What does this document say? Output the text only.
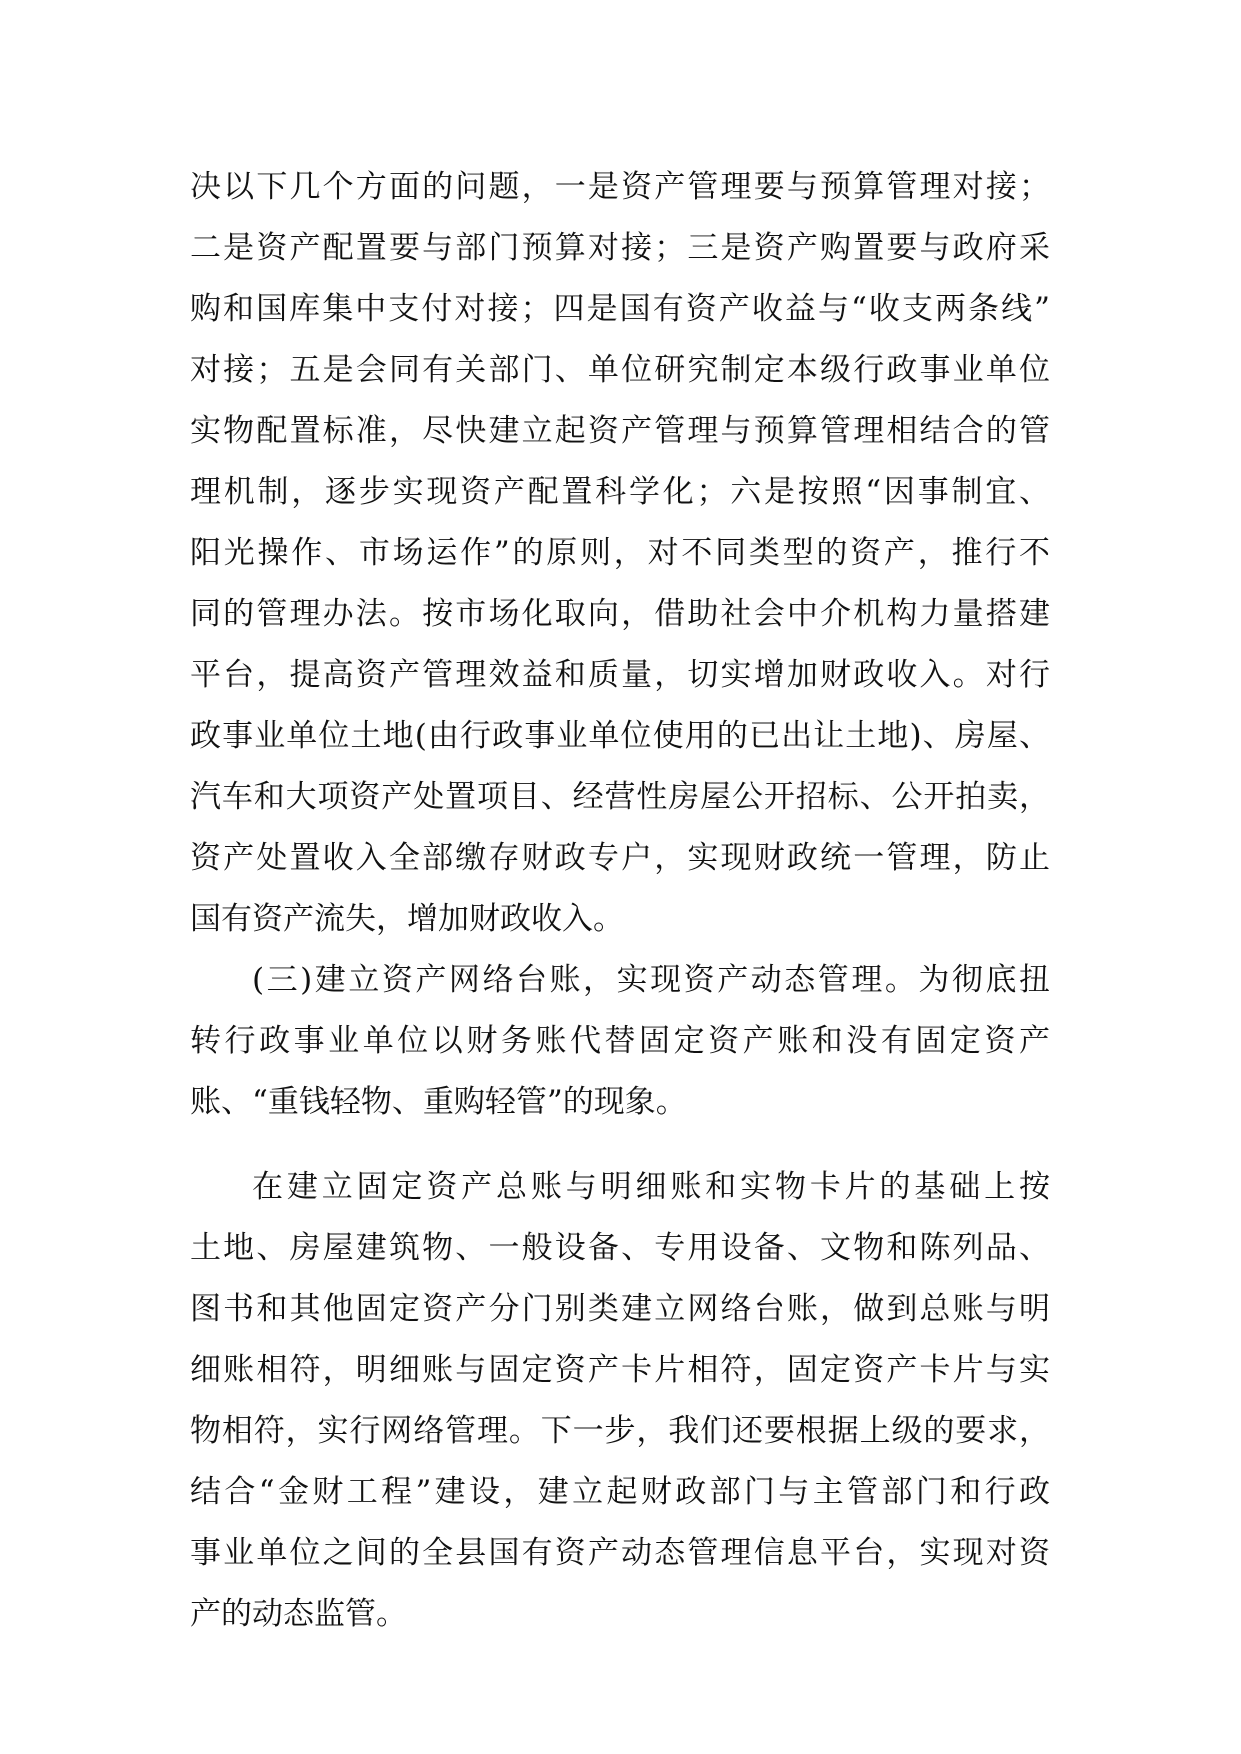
决以下几个方面的问题，一是资产管理要与预算管理对接；
二是资产配置要与部门预算对接；三是资产购置要与政府采
购和国库集中支付对接；四是国有资产收益与“收支两条线”
对接；五是会同有关部门、单位研究制定本级行政事业单位
实物配置标准，尽快建立起资产管理与预算管理相结合的管
理机制，逐步实现资产配置科学化；六是按照“因事制宜、
阳光操作、市场运作”的原则，对不同类型的资产，推行不
同的管理办法。按市场化取向，借助社会中介机构力量搭建
平台，提高资产管理效益和质量，切实增加财政收入。对行
政事业单位土地(由行政事业单位使用的已出让土地)、房屋、
汽车和大项资产处置项目、经营性房屋公开招标、公开拍卖，
资产处置收入全部缴存财政专户，实现财政统一管理，防止
国有资产流失，增加财政收入。
(三)建立资产网络台账，实现资产动态管理。为彻底扭
转行政事业单位以财务账代替固定资产账和没有固定资产
账、“重钱轻物、重购轻管”的现象。
在建立固定资产总账与明细账和实物卡片的基础上按
土地、房屋建筑物、一般设备、专用设备、文物和陈列品、
图书和其他固定资产分门别类建立网络台账，做到总账与明
细账相符，明细账与固定资产卡片相符，固定资产卡片与实
物相符，实行网络管理。下一步，我们还要根据上级的要求，
结合“金财工程”建设，建立起财政部门与主管部门和行政
事业单位之间的全县国有资产动态管理信息平台，实现对资
产的动态监管。
